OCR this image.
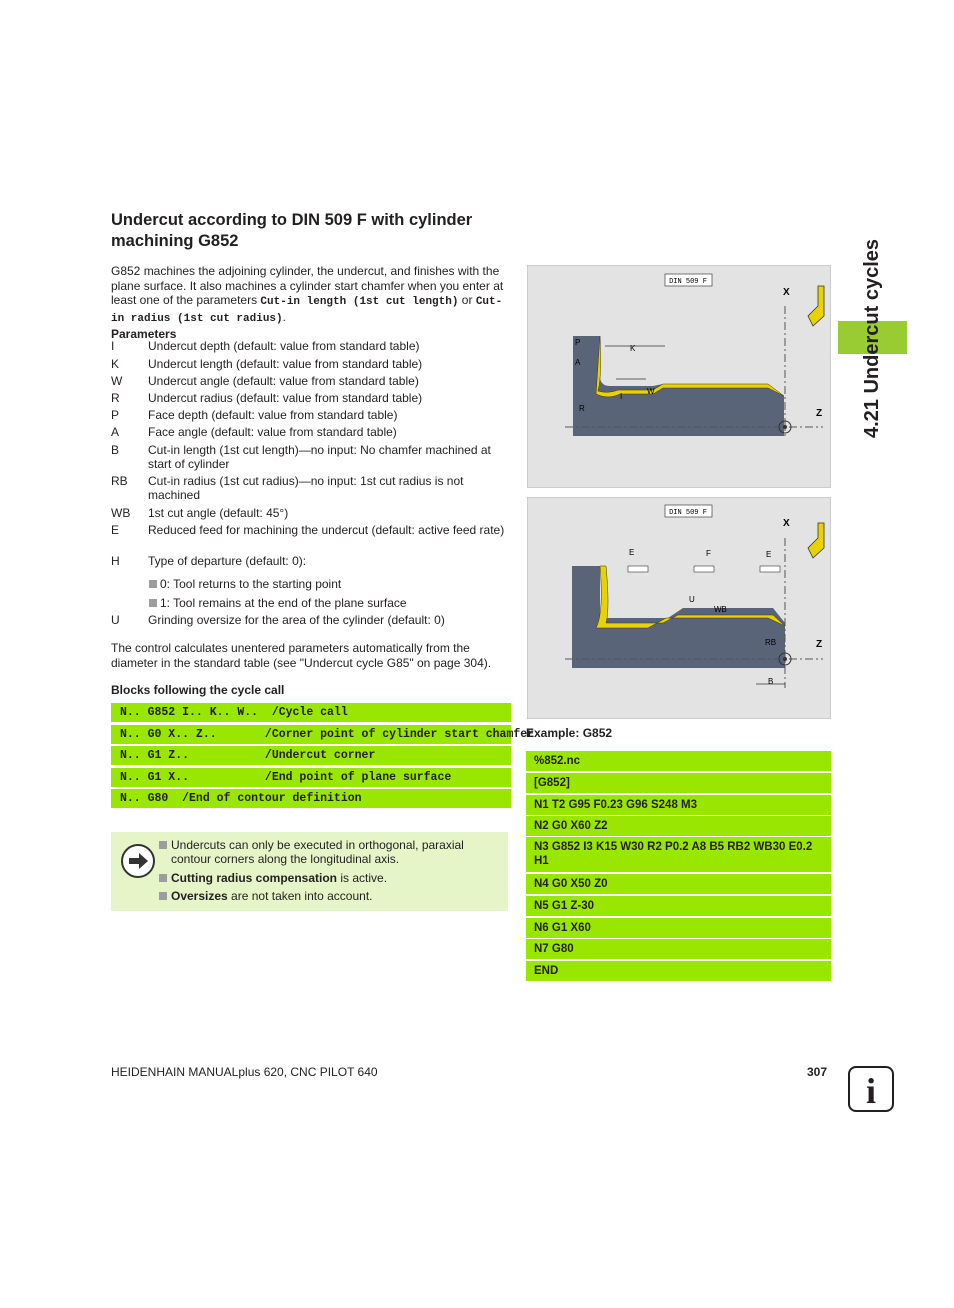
Undercut according to DIN 509 F with cylinder machining G852
G852 machines the adjoining cylinder, the undercut, and finishes with the plane surface. It also machines a cylinder start chamfer when you enter at least one of the parameters Cut-in length (1st cut length) or Cut-in radius (1st cut radius).
Parameters
I	Undercut depth (default: value from standard table)
K Undercut length (default: value from standard table)
W Undercut angle (default: value from standard table)
R Undercut radius (default: value from standard table)
P Face depth (default: value from standard table)
A Face angle (default: value from standard table)
B Cut-in length (1st cut length)—no input: No chamfer machined at start of cylinder
RB Cut-in radius (1st cut radius)—no input: 1st cut radius is not machined
WB 1st cut angle (default: 45°)
E Reduced feed for machining the undercut (default: active feed rate)
H Type of departure (default: 0):
0: Tool returns to the starting point
1: Tool remains at the end of the plane surface
U Grinding oversize for the area of the cylinder (default: 0)
The control calculates unentered parameters automatically from the diameter in the standard table (see "Undercut cycle G85" on page 304).
Blocks following the cycle call
N.. G852 I.. K.. W..  /Cycle call
N.. G0 X.. Z..       /Corner point of cylinder start chamfer
N.. G1 Z..           /Undercut corner
N.. G1 X..           /End point of plane surface
N.. G80  /End of contour definition
Undercuts can only be executed in orthogonal, paraxial contour corners along the longitudinal axis.
Cutting radius compensation is active.
Oversizes are not taken into account.
DIN 509 F
X
Z
P
A
K
I
W
R
DIN 509 F
X
Z
E	F	E
U
WB
RB
B
Example: G852
%852.nc
[G852]
N1 T2 G95 F0.23 G96 S248 M3
N2 G0 X60 Z2
N3 G852 I3 K15 W30 R2 P0.2 A8 B5 RB2 WB30 E0.2 H1
N4 G0 X50 Z0
N5 G1 Z-30
N6 G1 X60
N7 G80
END
4.21 Undercut cycles
HEIDENHAIN MANUALplus 620, CNC PILOT 640	307 i
